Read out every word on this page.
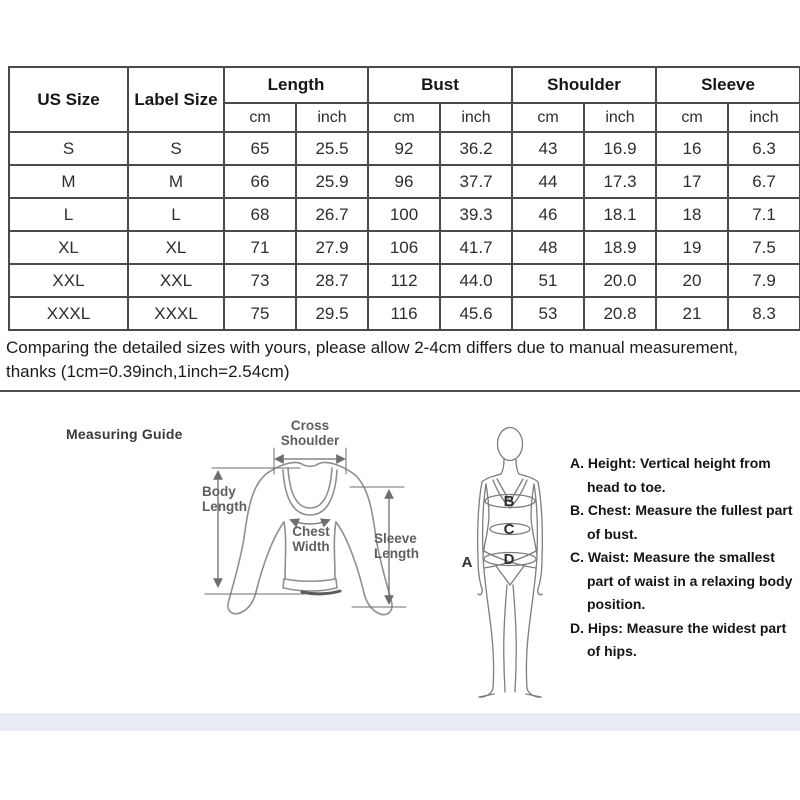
US Size	Label Size	Length		Bust		Shoulder		Sleeve	
		cm	inch	cm	inch	cm	inch	cm	inch
S	S	65	25.5	92	36.2	43	16.9	16	6.3
M	M	66	25.9	96	37.7	44	17.3	17	6.7
L	L	68	26.7	100	39.3	46	18.1	18	7.1
XL	XL	71	27.9	106	41.7	48	18.9	19	7.5
XXL	XXL	73	28.7	112	44.0	51	20.0	20	7.9
XXXL	XXXL	75	29.5	116	45.6	53	20.8	21	8.3
Comparing the detailed sizes with yours, please allow 2-4cm differs due to manual measurement,
thanks (1cm=0.39inch,1inch=2.54cm)
Measuring Guide
B
C
D
A
Cross
Shoulder
Body
Length
Chest
Width
Sleeve
Length
A. Height: Vertical height from
head to toe.
B. Chest: Measure the fullest part
of bust.
C. Waist: Measure the smallest
part of waist in a relaxing body
position.
D. Hips: Measure the widest part
of hips.
